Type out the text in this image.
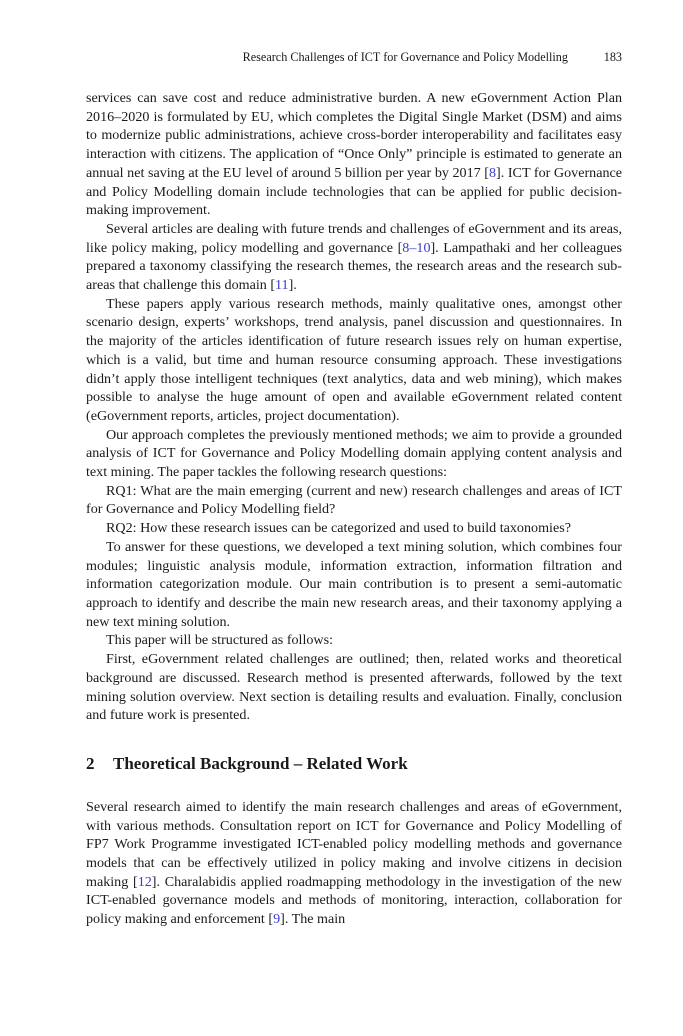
Research Challenges of ICT for Governance and Policy Modelling	183

services can save cost and reduce administrative burden. A new eGovernment Action Plan 2016–2020 is formulated by EU, which completes the Digital Single Market (DSM) and aims to modernize public administrations, achieve cross-border interoperability and facilitates easy interaction with citizens. The application of “Once Only” principle is estimated to generate an annual net saving at the EU level of around 5 billion per year by 2017 [8]. ICT for Governance and Policy Modelling domain include technologies that can be applied for public decision-making improvement.

Several articles are dealing with future trends and challenges of eGovernment and its areas, like policy making, policy modelling and governance [8–10]. Lampathaki and her colleagues prepared a taxonomy classifying the research themes, the research areas and the research sub-areas that challenge this domain [11].

These papers apply various research methods, mainly qualitative ones, amongst other scenario design, experts’ workshops, trend analysis, panel discussion and questionnaires. In the majority of the articles identification of future research issues rely on human expertise, which is a valid, but time and human resource consuming approach. These investigations didn’t apply those intelligent techniques (text analytics, data and web mining), which makes possible to analyse the huge amount of open and available eGovernment related content (eGovernment reports, articles, project documentation).

Our approach completes the previously mentioned methods; we aim to provide a grounded analysis of ICT for Governance and Policy Modelling domain applying content analysis and text mining. The paper tackles the following research questions:

RQ1: What are the main emerging (current and new) research challenges and areas of ICT for Governance and Policy Modelling field?

RQ2: How these research issues can be categorized and used to build taxonomies?

To answer for these questions, we developed a text mining solution, which combines four modules; linguistic analysis module, information extraction, information filtration and information categorization module. Our main contribution is to present a semi-automatic approach to identify and describe the main new research areas, and their taxonomy applying a new text mining solution.

This paper will be structured as follows:

First, eGovernment related challenges are outlined; then, related works and theoretical background are discussed. Research method is presented afterwards, followed by the text mining solution overview. Next section is detailing results and evaluation. Finally, conclusion and future work is presented.

2 Theoretical Background – Related Work

Several research aimed to identify the main research challenges and areas of eGovernment, with various methods. Consultation report on ICT for Governance and Policy Modelling of FP7 Work Programme investigated ICT-enabled policy modelling methods and governance models that can be effectively utilized in policy making and involve citizens in decision making [12]. Charalabidis applied roadmapping methodology in the investigation of the new ICT-enabled governance models and methods of monitoring, interaction, collaboration for policy making and enforcement [9]. The main
